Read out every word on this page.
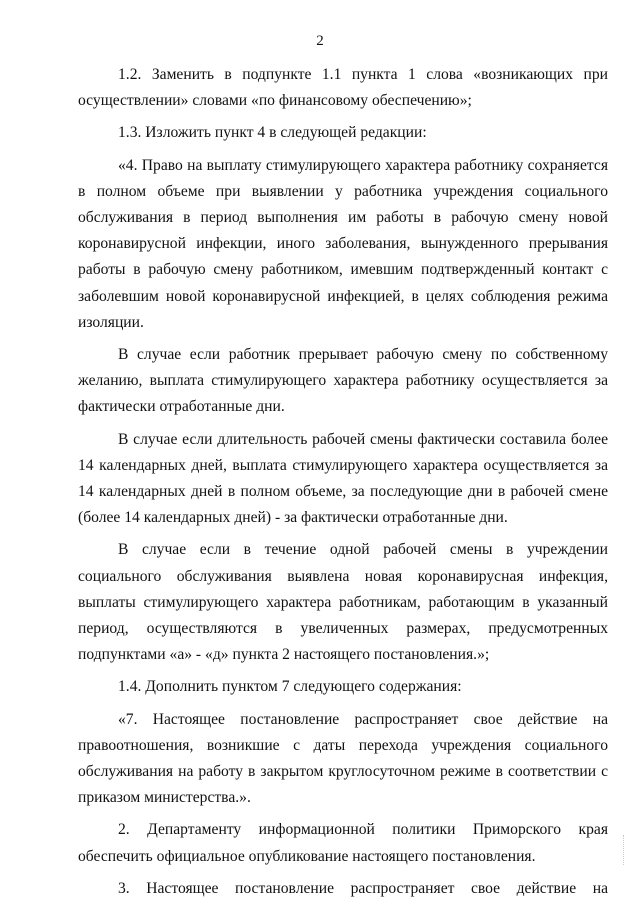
2

1.2. Заменить в подпункте 1.1 пункта 1 слова «возникающих при осуществлении» словами «по финансовому обеспечению»;

1.3. Изложить пункт 4 в следующей редакции:

«4. Право на выплату стимулирующего характера работнику сохраняется в полном объеме при выявлении у работника учреждения социального обслуживания в период выполнения им работы в рабочую смену новой коронавирусной инфекции, иного заболевания, вынужденного прерывания работы в рабочую смену работником, имевшим подтвержденный контакт с заболевшим новой коронавирусной инфекцией, в целях соблюдения режима изоляции.

В случае если работник прерывает рабочую смену по собственному желанию, выплата стимулирующего характера работнику осуществляется за фактически отработанные дни.

В случае если длительность рабочей смены фактически составила более 14 календарных дней, выплата стимулирующего характера осуществляется за 14 календарных дней в полном объеме, за последующие дни в рабочей смене (более 14 календарных дней) - за фактически отработанные дни.

В случае если в течение одной рабочей смены в учреждении социального обслуживания выявлена новая коронавирусная инфекция, выплаты стимулирующего характера работникам, работающим в указанный период, осуществляются в увеличенных размерах, предусмотренных подпунктами «а» - «д» пункта 2 настоящего постановления.»;

1.4. Дополнить пунктом 7 следующего содержания:

«7. Настоящее постановление распространяет свое действие на правоотношения, возникшие с даты перехода учреждения социального обслуживания на работу в закрытом круглосуточном режиме в соответствии с приказом министерства.».

2. Департаменту информационной политики Приморского края обеспечить официальное опубликование настоящего постановления.

3. Настоящее постановление распространяет свое действие на
